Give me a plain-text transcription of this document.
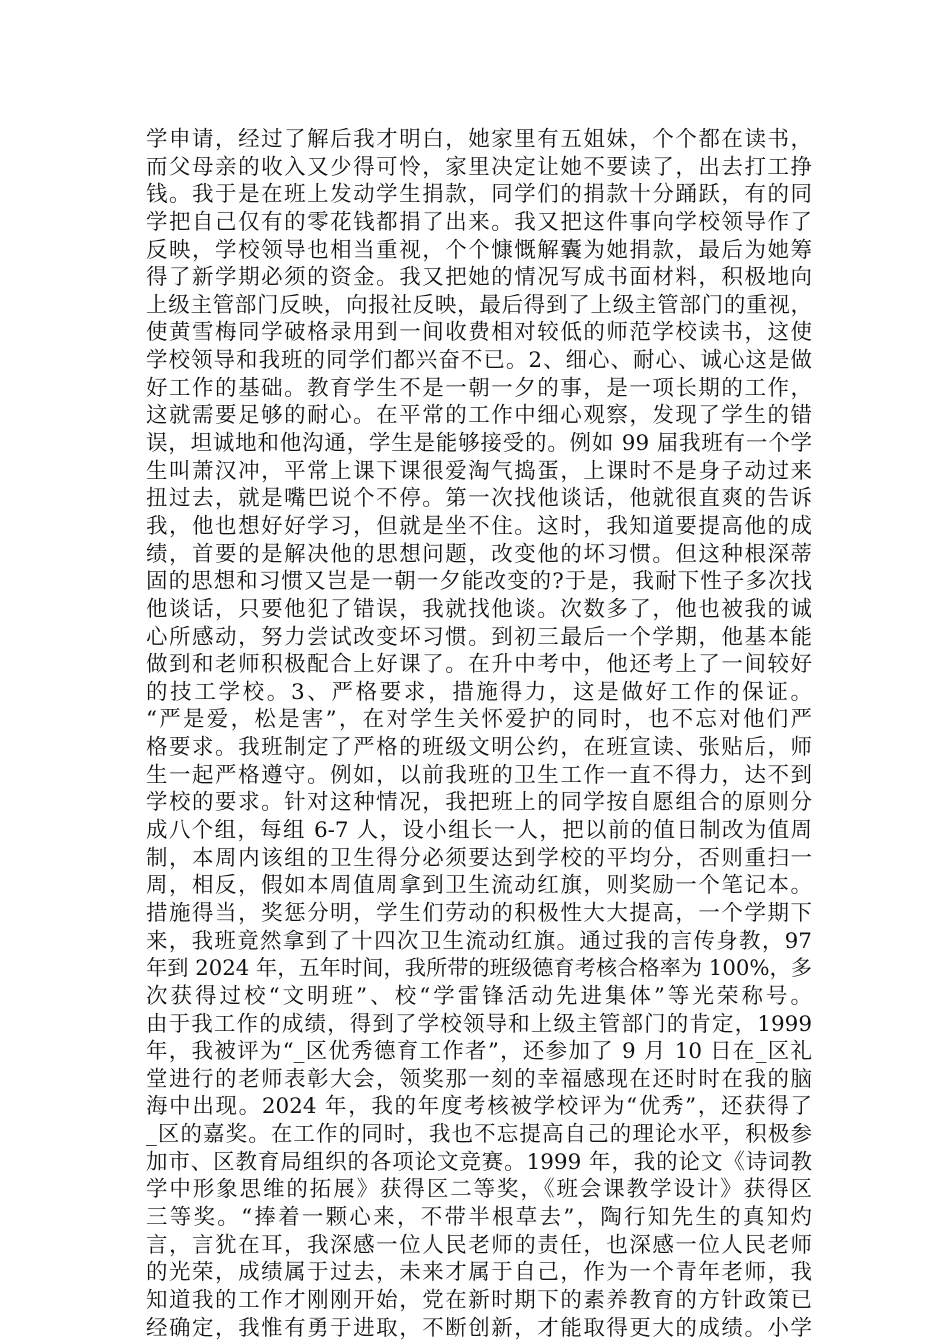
学申请，经过了解后我才明白，她家里有五姐妹，个个都在读书，
而父母亲的收入又少得可怜，家里决定让她不要读了，出去打工挣
钱。我于是在班上发动学生捐款，同学们的捐款十分踊跃，有的同
学把自己仅有的零花钱都捐了出来。我又把这件事向学校领导作了
反映，学校领导也相当重视，个个慷慨解囊为她捐款，最后为她筹
得了新学期必须的资金。我又把她的情况写成书面材料，积极地向
上级主管部门反映，向报社反映，最后得到了上级主管部门的重视，
使黄雪梅同学破格录用到一间收费相对较低的师范学校读书，这使
学校领导和我班的同学们都兴奋不已。2、细心、耐心、诚心这是做
好工作的基础。教育学生不是一朝一夕的事，是一项长期的工作，
这就需要足够的耐心。在平常的工作中细心观察，发现了学生的错
误，坦诚地和他沟通，学生是能够接受的。例如 99 届我班有一个学
生叫萧汉冲，平常上课下课很爱淘气捣蛋，上课时不是身子动过来
扭过去，就是嘴巴说个不停。第一次找他谈话，他就很直爽的告诉
我，他也想好好学习，但就是坐不住。这时，我知道要提高他的成
绩，首要的是解决他的思想问题，改变他的坏习惯。但这种根深蒂
固的思想和习惯又岂是一朝一夕能改变的?于是，我耐下性子多次找
他谈话，只要他犯了错误，我就找他谈。次数多了，他也被我的诚
心所感动，努力尝试改变坏习惯。到初三最后一个学期，他基本能
做到和老师积极配合上好课了。在升中考中，他还考上了一间较好
的技工学校。3、严格要求，措施得力，这是做好工作的保证。
“严是爱，松是害”，在对学生关怀爱护的同时，也不忘对他们严
格要求。我班制定了严格的班级文明公约，在班宣读、张贴后，师
生一起严格遵守。例如，以前我班的卫生工作一直不得力，达不到
学校的要求。针对这种情况，我把班上的同学按自愿组合的原则分
成八个组，每组 6-7 人，设小组长一人，把以前的值日制改为值周
制，本周内该组的卫生得分必须要达到学校的平均分，否则重扫一
周，相反，假如本周值周拿到卫生流动红旗，则奖励一个笔记本。
措施得当，奖惩分明，学生们劳动的积极性大大提高，一个学期下
来，我班竟然拿到了十四次卫生流动红旗。通过我的言传身教，97
年到 2024 年，五年时间，我所带的班级德育考核合格率为 100%，多
次获得过校“文明班”、校“学雷锋活动先进集体”等光荣称号。
由于我工作的成绩，得到了学校领导和上级主管部门的肯定，1999
年，我被评为“_区优秀德育工作者”，还参加了 9 月 10 日在_区礼
堂进行的老师表彰大会，领奖那一刻的幸福感现在还时时在我的脑
海中出现。2024 年，我的年度考核被学校评为“优秀”，还获得了
_区的嘉奖。在工作的同时，我也不忘提高自己的理论水平，积极参
加市、区教育局组织的各项论文竞赛。1999 年，我的论文《诗词教
学中形象思维的拓展》获得区二等奖，《班会课教学设计》获得区
三等奖。“捧着一颗心来，不带半根草去”，陶行知先生的真知灼
言，言犹在耳，我深感一位人民老师的责任，也深感一位人民老师
的光荣，成绩属于过去，未来才属于自己，作为一个青年老师，我
知道我的工作才刚刚开始，党在新时期下的素养教育的方针政策已
经确定，我惟有勇于进取，不断创新，才能取得更大的成绩。小学
